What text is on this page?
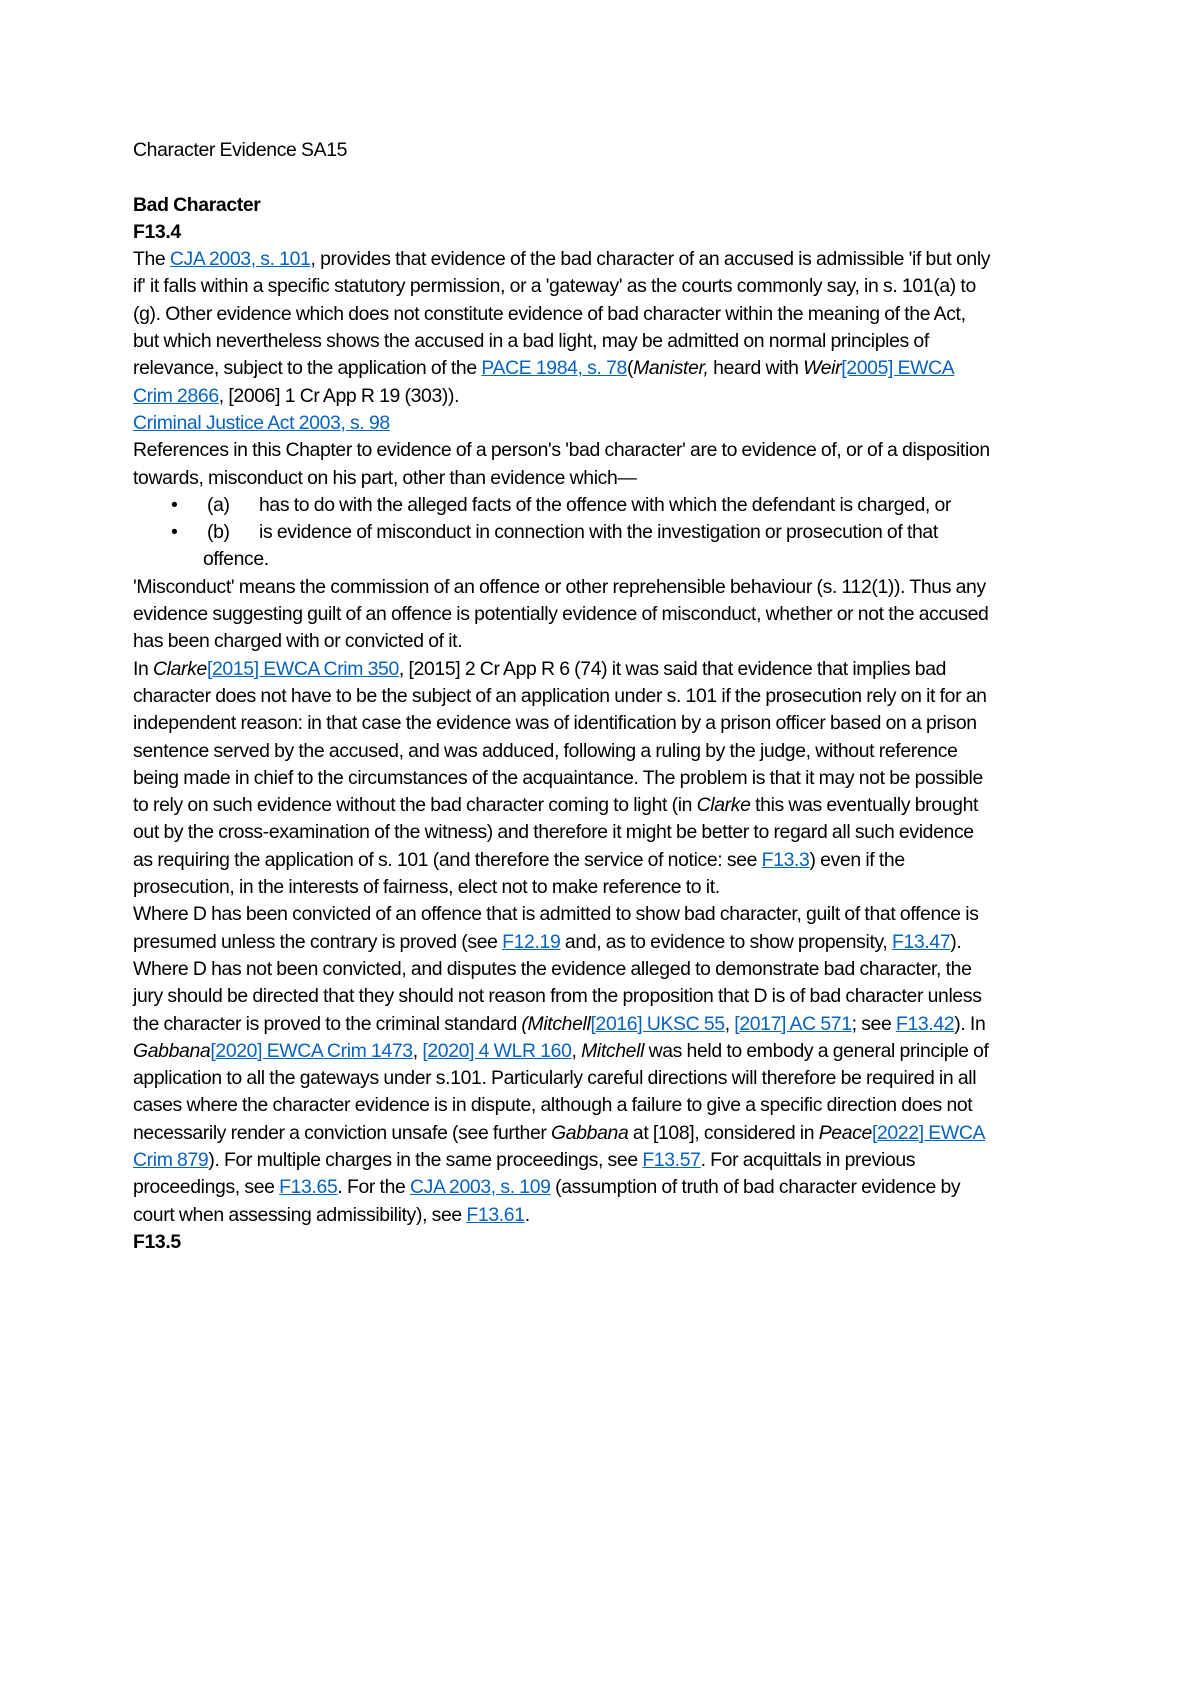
Character Evidence SA15

Bad Character

F13.4

The CJA 2003, s. 101, provides that evidence of the bad character of an accused is admissible 'if but only if' it falls within a specific statutory permission, or a 'gateway' as the courts commonly say, in s. 101(a) to (g). Other evidence which does not constitute evidence of bad character within the meaning of the Act, but which nevertheless shows the accused in a bad light, may be admitted on normal principles of relevance, subject to the application of the PACE 1984, s. 78(Manister, heard with Weir[2005] EWCA Crim 2866, [2006] 1 Cr App R 19 (303)).

Criminal Justice Act 2003, s. 98

References in this Chapter to evidence of a person's 'bad character' are to evidence of, or of a disposition towards, misconduct on his part, other than evidence which—

• (a) has to do with the alleged facts of the offence with which the defendant is charged, or
• (b) is evidence of misconduct in connection with the investigation or prosecution of that offence.

'Misconduct' means the commission of an offence or other reprehensible behaviour (s. 112(1)). Thus any evidence suggesting guilt of an offence is potentially evidence of misconduct, whether or not the accused has been charged with or convicted of it.

In Clarke[2015] EWCA Crim 350, [2015] 2 Cr App R 6 (74) it was said that evidence that implies bad character does not have to be the subject of an application under s. 101 if the prosecution rely on it for an independent reason: in that case the evidence was of identification by a prison officer based on a prison sentence served by the accused, and was adduced, following a ruling by the judge, without reference being made in chief to the circumstances of the acquaintance. The problem is that it may not be possible to rely on such evidence without the bad character coming to light (in Clarke this was eventually brought out by the cross-examination of the witness) and therefore it might be better to regard all such evidence as requiring the application of s. 101 (and therefore the service of notice: see F13.3) even if the prosecution, in the interests of fairness, elect not to make reference to it.

Where D has been convicted of an offence that is admitted to show bad character, guilt of that offence is presumed unless the contrary is proved (see F12.19 and, as to evidence to show propensity, F13.47). Where D has not been convicted, and disputes the evidence alleged to demonstrate bad character, the jury should be directed that they should not reason from the proposition that D is of bad character unless the character is proved to the criminal standard (Mitchell[2016] UKSC 55, [2017] AC 571; see F13.42). In Gabbana[2020] EWCA Crim 1473, [2020] 4 WLR 160, Mitchell was held to embody a general principle of application to all the gateways under s.101. Particularly careful directions will therefore be required in all cases where the character evidence is in dispute, although a failure to give a specific direction does not necessarily render a conviction unsafe (see further Gabbana at [108], considered in Peace[2022] EWCA Crim 879). For multiple charges in the same proceedings, see F13.57. For acquittals in previous proceedings, see F13.65. For the CJA 2003, s. 109 (assumption of truth of bad character evidence by court when assessing admissibility), see F13.61.

F13.5
